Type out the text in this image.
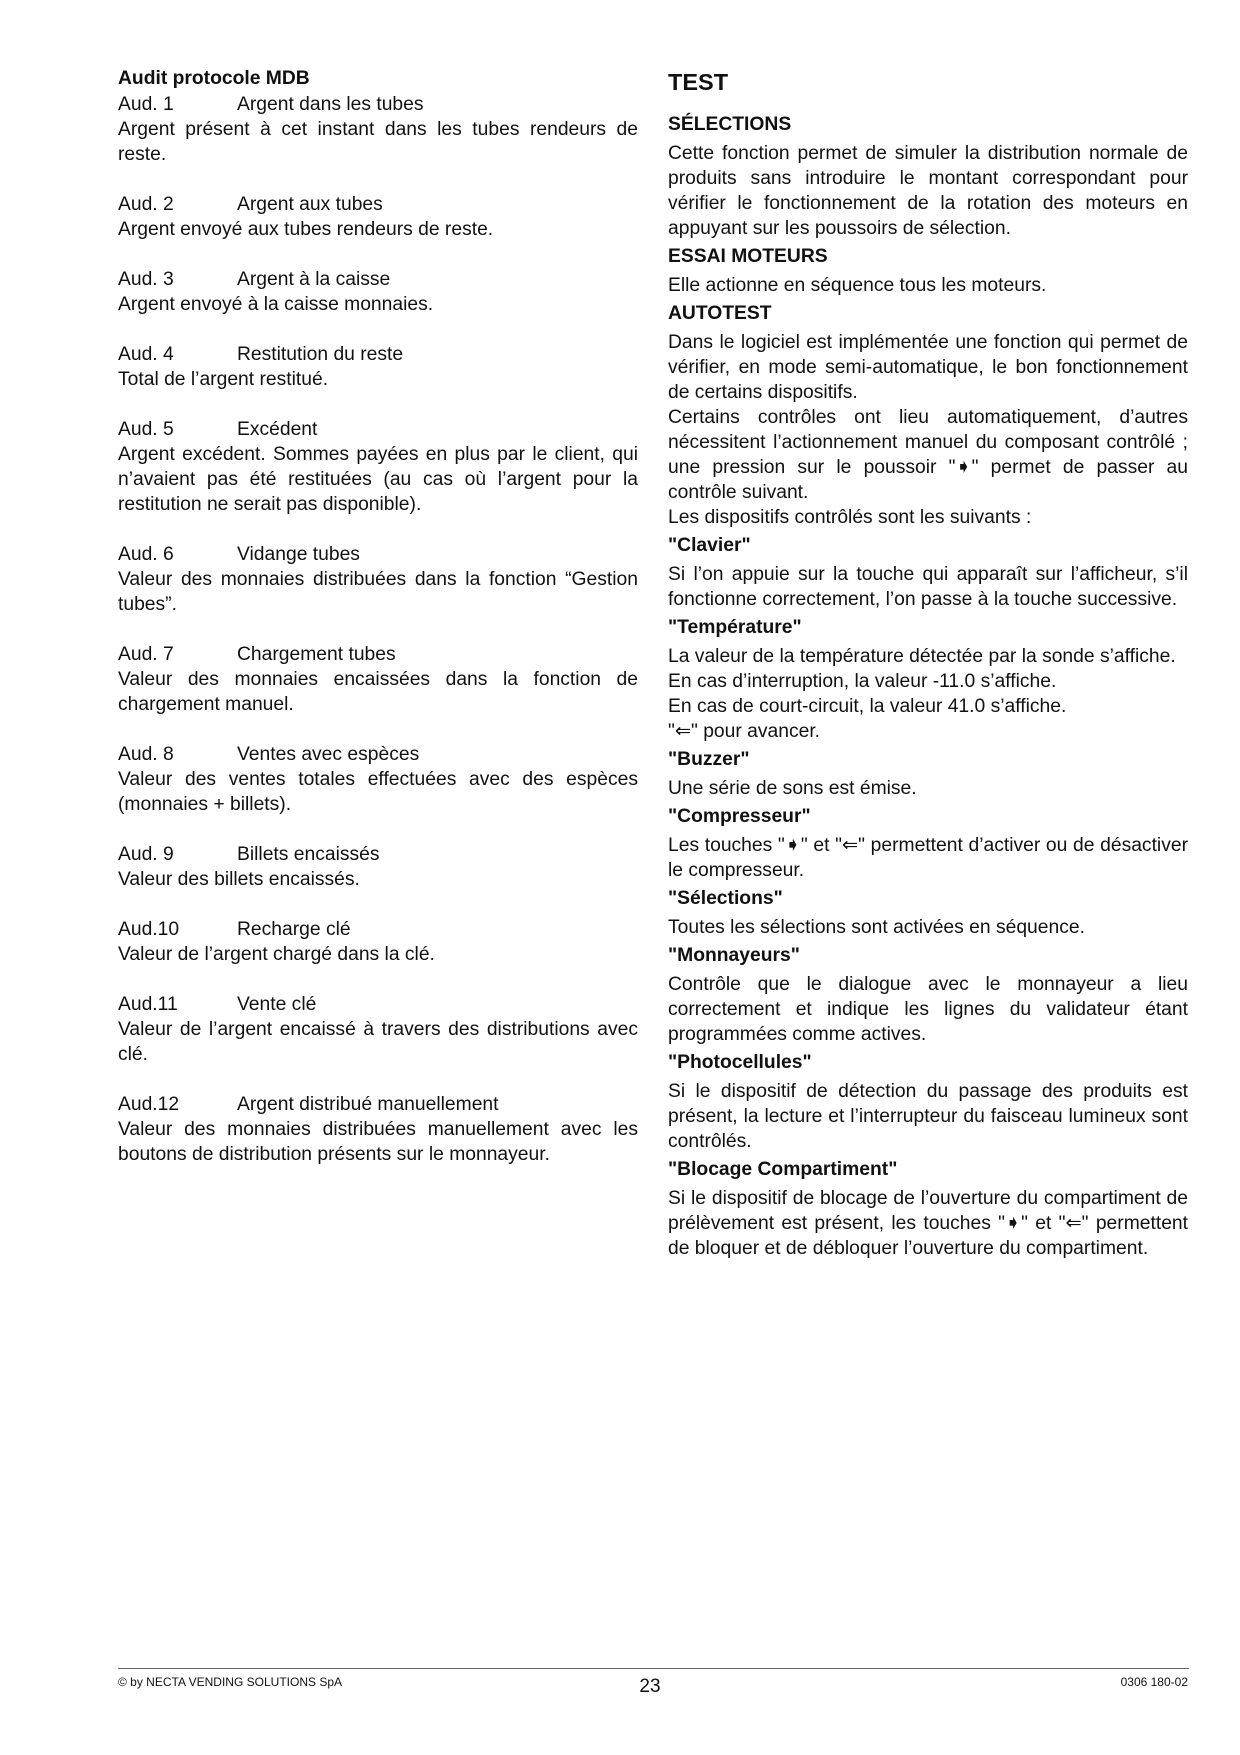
Audit protocole MDB

Aud. 1	Argent dans les tubes

Argent présent à cet instant dans les tubes rendeurs de reste.

Aud. 2	Argent aux tubes

Argent envoyé aux tubes rendeurs de reste.

Aud. 3	Argent à la caisse

Argent envoyé à la caisse monnaies.

Aud. 4	Restitution du reste

Total de l’argent restitué.

Aud. 5	Excédent

Argent excédent. Sommes payées en plus par le client, qui n’avaient pas été restituées (au cas où l’argent pour la restitution ne serait pas disponible).

Aud. 6	Vidange tubes

Valeur des monnaies distribuées dans la fonction “Gestion tubes”.

Aud. 7	Chargement tubes

Valeur des monnaies encaissées dans la fonction de chargement manuel.

Aud. 8	Ventes avec espèces

Valeur des ventes totales effectuées avec des espèces (monnaies + billets).

Aud. 9	Billets encaissés

Valeur des billets encaissés.

Aud.10	Recharge clé

Valeur de l’argent chargé dans la clé.

Aud.11	Vente clé

Valeur de l’argent encaissé à travers des distributions avec clé.

Aud.12	Argent distribué manuellement

Valeur des monnaies distribuées manuellement avec les boutons de distribution présents sur le monnayeur.

TEST

SÉLECTIONS

Cette fonction permet de simuler la distribution normale de produits sans introduire le montant correspondant pour vérifier le fonctionnement de la rotation des moteurs en appuyant sur les poussoirs de sélection.

ESSAI MOTEURS

Elle actionne en séquence tous les moteurs.

AUTOTEST

Dans le logiciel est implémentée une fonction qui permet de vérifier, en mode semi-automatique, le bon fonctionnement de certains dispositifs.

Certains contrôles ont lieu automatiquement, d’autres nécessitent l’actionnement manuel du composant contrôlé ; une pression sur le poussoir "➧" permet de passer au contrôle suivant.

Les dispositifs contrôlés sont les suivants :

"Clavier"

Si l’on appuie sur la touche qui apparaît sur l’afficheur, s’il fonctionne correctement, l’on passe à la touche successive.

"Température"

La valeur de la température détectée par la sonde s’affiche.

En cas d’interruption, la valeur -11.0 s’affiche.

En cas de court-circuit, la valeur 41.0 s’affiche.

"⇐" pour avancer.

"Buzzer"

Une série de sons est émise.

"Compresseur"

Les touches "➧" et "⇐" permettent d’activer ou de désactiver le compresseur.

"Sélections"

Toutes les sélections sont activées en séquence.

"Monnayeurs"

Contrôle que le dialogue avec le monnayeur a lieu correctement et indique les lignes du validateur étant programmées comme actives.

"Photocellules"

Si le dispositif de détection du passage des produits est présent, la lecture et l’interrupteur du faisceau lumineux sont contrôlés.

"Blocage Compartiment"

Si le dispositif de blocage de l’ouverture du compartiment de prélèvement est présent, les touches "➧" et "⇐" permettent de bloquer et de débloquer l’ouverture du compartiment.

© by NECTA VENDING SOLUTIONS SpA	23	0306 180-02
